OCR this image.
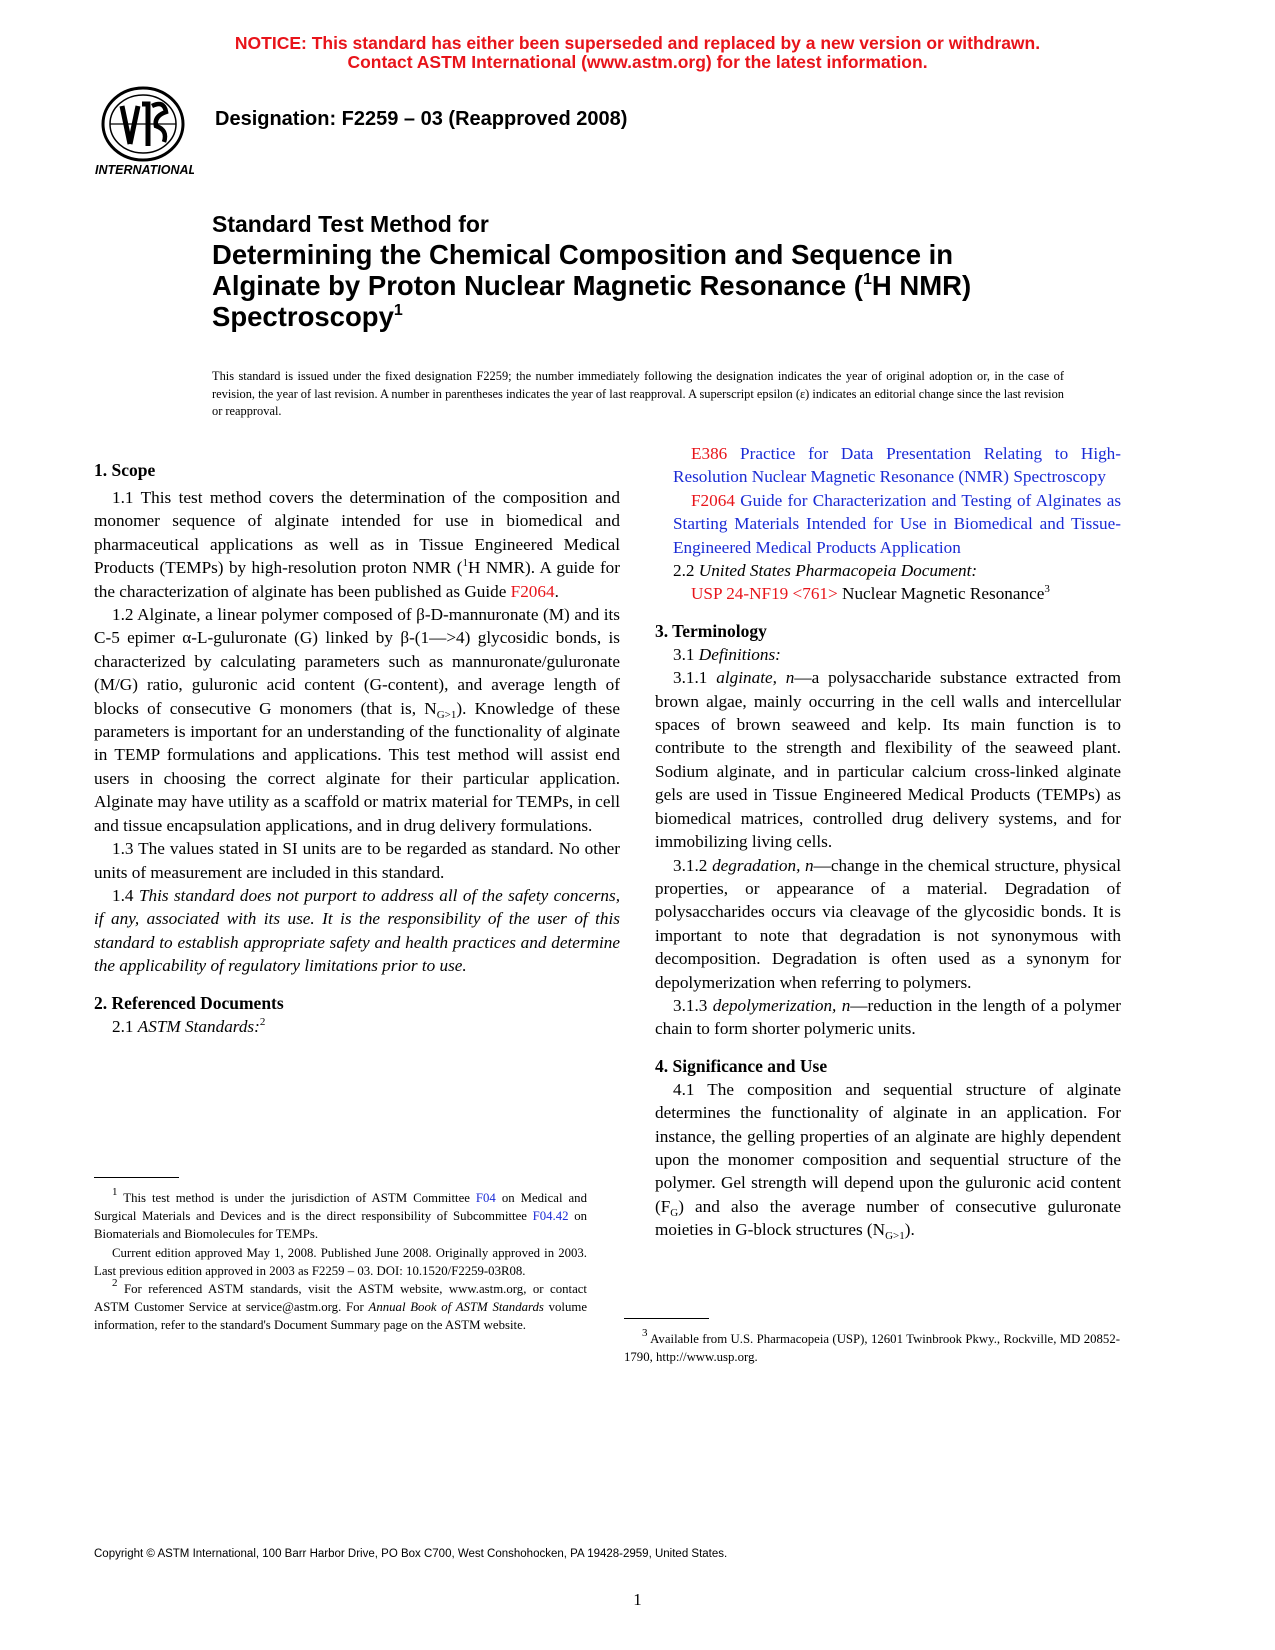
NOTICE: This standard has either been superseded and replaced by a new version or withdrawn.
Contact ASTM International (www.astm.org) for the latest information.
INTERNATIONAL
Designation: F2259 – 03 (Reapproved 2008)
Standard Test Method for
Determining the Chemical Composition and Sequence in
Alginate by Proton Nuclear Magnetic Resonance ($^1$H NMR)
Spectroscopy$^1$
This standard is issued under the fixed designation F2259; the number immediately following the designation indicates the year of original adoption or, in the case of revision, the year of last revision. A number in parentheses indicates the year of last reapproval. A superscript epsilon (ε) indicates an editorial change since the last revision or reapproval.
1. Scope

1.1 This test method covers the determination of the composition and monomer sequence of alginate intended for use in biomedical and pharmaceutical applications as well as in Tissue Engineered Medical Products (TEMPs) by high-resolution proton NMR ($^1$H NMR). A guide for the characterization of alginate has been published as Guide F2064.

1.2 Alginate, a linear polymer composed of β-D-mannuronate (M) and its C-5 epimer α-L-guluronate (G) linked by β-(1—>4) glycosidic bonds, is characterized by calculating parameters such as mannuronate/guluronate (M/G) ratio, guluronic acid content (G-content), and average length of blocks of consecutive G monomers (that is, $N_{G>1}$). Knowledge of these parameters is important for an understanding of the functionality of alginate in TEMP formulations and applications. This test method will assist end users in choosing the correct alginate for their particular application. Alginate may have utility as a scaffold or matrix material for TEMPs, in cell and tissue encapsulation applications, and in drug delivery formulations.

1.3 The values stated in SI units are to be regarded as standard. No other units of measurement are included in this standard.

1.4 This standard does not purport to address all of the safety concerns, if any, associated with its use. It is the responsibility of the user of this standard to establish appropriate safety and health practices and determine the applicability of regulatory limitations prior to use.

2. Referenced Documents

2.1 ASTM Standards:$^2$

$^1$ This test method is under the jurisdiction of ASTM Committee F04 on Medical and Surgical Materials and Devices and is the direct responsibility of Subcommittee F04.42 on Biomaterials and Biomolecules for TEMPs.

Current edition approved May 1, 2008. Published June 2008. Originally approved in 2003. Last previous edition approved in 2003 as F2259 – 03. DOI: 10.1520/F2259-03R08.

$^2$ For referenced ASTM standards, visit the ASTM website, www.astm.org, or contact ASTM Customer Service at service@astm.org. For Annual Book of ASTM Standards volume information, refer to the standard's Document Summary page on the ASTM website.

E386 Practice for Data Presentation Relating to High-Resolution Nuclear Magnetic Resonance (NMR) Spectroscopy

F2064 Guide for Characterization and Testing of Alginates as Starting Materials Intended for Use in Biomedical and Tissue-Engineered Medical Products Application

2.2 United States Pharmacopeia Document:

USP 24-NF19 <761> Nuclear Magnetic Resonance$^3$

3. Terminology

3.1 Definitions:

3.1.1 alginate, n—a polysaccharide substance extracted from brown algae, mainly occurring in the cell walls and intercellular spaces of brown seaweed and kelp. Its main function is to contribute to the strength and flexibility of the seaweed plant. Sodium alginate, and in particular calcium cross-linked alginate gels are used in Tissue Engineered Medical Products (TEMPs) as biomedical matrices, controlled drug delivery systems, and for immobilizing living cells.

3.1.2 degradation, n—change in the chemical structure, physical properties, or appearance of a material. Degradation of polysaccharides occurs via cleavage of the glycosidic bonds. It is important to note that degradation is not synonymous with decomposition. Degradation is often used as a synonym for depolymerization when referring to polymers.

3.1.3 depolymerization, n—reduction in the length of a polymer chain to form shorter polymeric units.

4. Significance and Use

4.1 The composition and sequential structure of alginate determines the functionality of alginate in an application. For instance, the gelling properties of an alginate are highly dependent upon the monomer composition and sequential structure of the polymer. Gel strength will depend upon the guluronic acid content $(F_G)$ and also the average number of consecutive guluronate moieties in G-block structures $(N_{G>1})$.

$^3$ Available from U.S. Pharmacopeia (USP), 12601 Twinbrook Pkwy., Rockville, MD 20852-1790, http://www.usp.org.

Copyright © ASTM International, 100 Barr Harbor Drive, PO Box C700, West Conshohocken, PA 19428-2959, United States.
1
